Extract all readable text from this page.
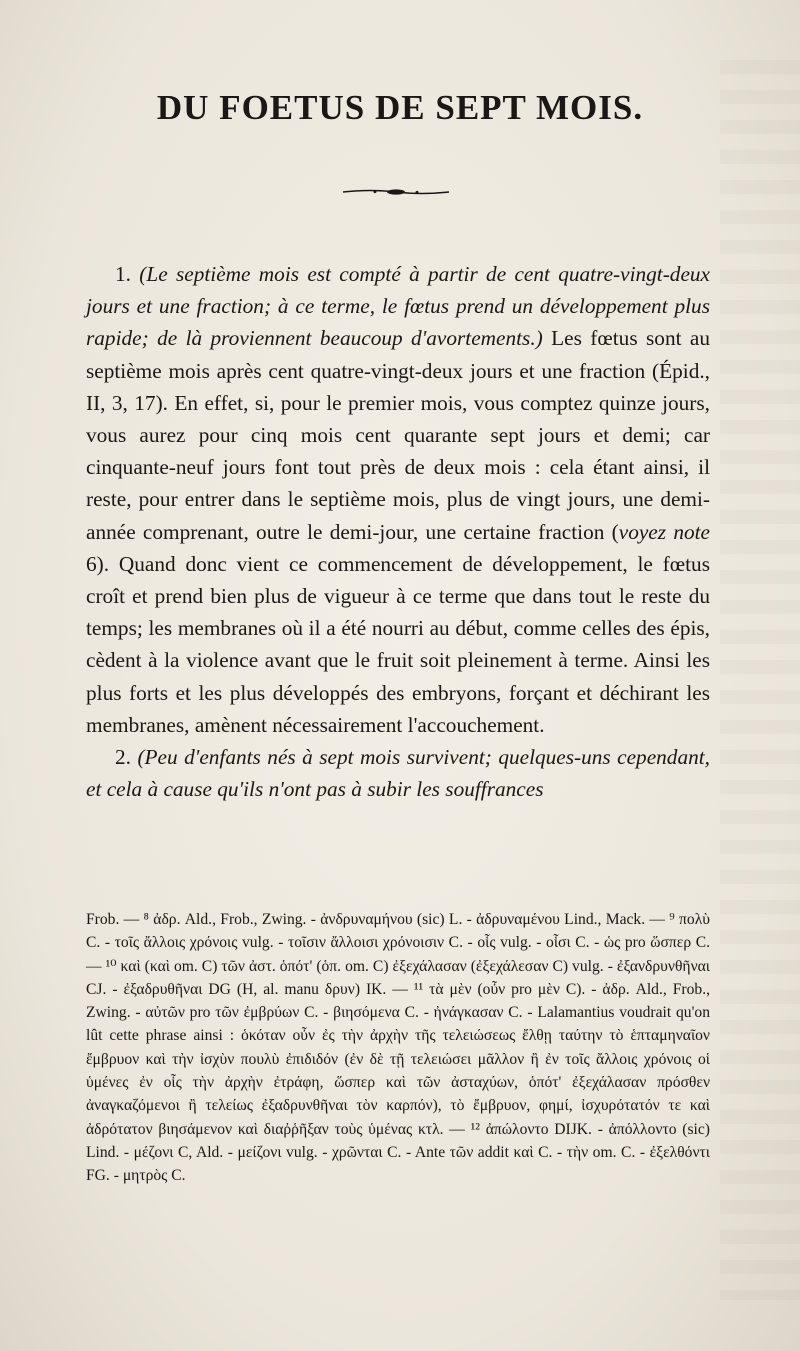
DU FOETUS DE SEPT MOIS.

1. (Le septième mois est compté à partir de cent quatre-vingt-deux jours et une fraction; à ce terme, le fœtus prend un développement plus rapide; de là proviennent beaucoup d'avortements.) Les fœtus sont au septième mois après cent quatre-vingt-deux jours et une fraction (Épid., II, 3, 17). En effet, si, pour le premier mois, vous comptez quinze jours, vous aurez pour cinq mois cent quarante sept jours et demi; car cinquante-neuf jours font tout près de deux mois : cela étant ainsi, il reste, pour entrer dans le septième mois, plus de vingt jours, une demi-année comprenant, outre le demi-jour, une certaine fraction (voyez note 6). Quand donc vient ce commencement de développement, le fœtus croît et prend bien plus de vigueur à ce terme que dans tout le reste du temps; les membranes où il a été nourri au début, comme celles des épis, cèdent à la violence avant que le fruit soit pleinement à terme. Ainsi les plus forts et les plus développés des embryons, forçant et déchirant les membranes, amènent nécessairement l'accouchement.

2. (Peu d'enfants nés à sept mois survivent; quelques-uns cependant, et cela à cause qu'ils n'ont pas à subir les souffrances

Frob. — ⁸ ἀδρ. Ald., Frob., Zwing. - ἀνδρυναμήνου (sic) L. - ἀδρυναμένου Lind., Mack. — ⁹ πολὺ C. - τοῖς ἄλλοις χρόνοις vulg. - τοῖσιν ἄλλοισι χρόνοισιν C. - οἷς vulg. - οἷσι C. - ὡς pro ὥσπερ C. — ¹⁰ καὶ (καὶ om. C) τῶν ἀστ. ὁπότ' (ὁπ. om. C) ἐξεχάλασαν (ἐξεχάλεσαν C) vulg. - ἐξανδρυνθῆναι CJ. - ἐξαδρυθῆναι DG (H, al. manu δρυν) IK. — ¹¹ τὰ μὲν (οὖν pro μὲν C). - ἀδρ. Ald., Frob., Zwing. - αὐτῶν pro τῶν ἐμβρύων C. - βιησόμενα C. - ἠνάγκασαν C. - Lalamantius voudrait qu'on lût cette phrase ainsi : ὁκόταν οὖν ἐς τὴν ἀρχὴν τῆς τελειώσεως ἔλθῃ ταύτην τὸ ἑπταμηναῖον ἔμβρυον καὶ τὴν ἰσχὺν πουλὺ ἐπιδιδόν (ἐν δὲ τῇ τελειώσει μᾶλλον ἢ ἐν τοῖς ἄλλοις χρόνοις οἱ ὑμένες ἐν οἷς τὴν ἀρχὴν ἐτράφη, ὥσπερ καὶ τῶν ἀσταχύων, ὁπότ' ἐξεχάλασαν πρόσθεν ἀναγκαζόμενοι ἢ τελείως ἐξαδρυνθῆναι τὸν καρπόν), τὸ ἔμβρυον, φημί, ἰσχυρότατόν τε καὶ ἀδρότατον βιησάμενον καὶ διαῤῥῆξαν τοὺς ὑμένας κτλ. — ¹² ἀπώλοντο DIJK. - ἀπόλλοντο (sic) Lind. - μέζονι C, Ald. - μείζονι vulg. - χρῶνται C. - Ante τῶν addit καὶ C. - τὴν om. C. - ἐξελθόντι FG. - μητρὸς C.
